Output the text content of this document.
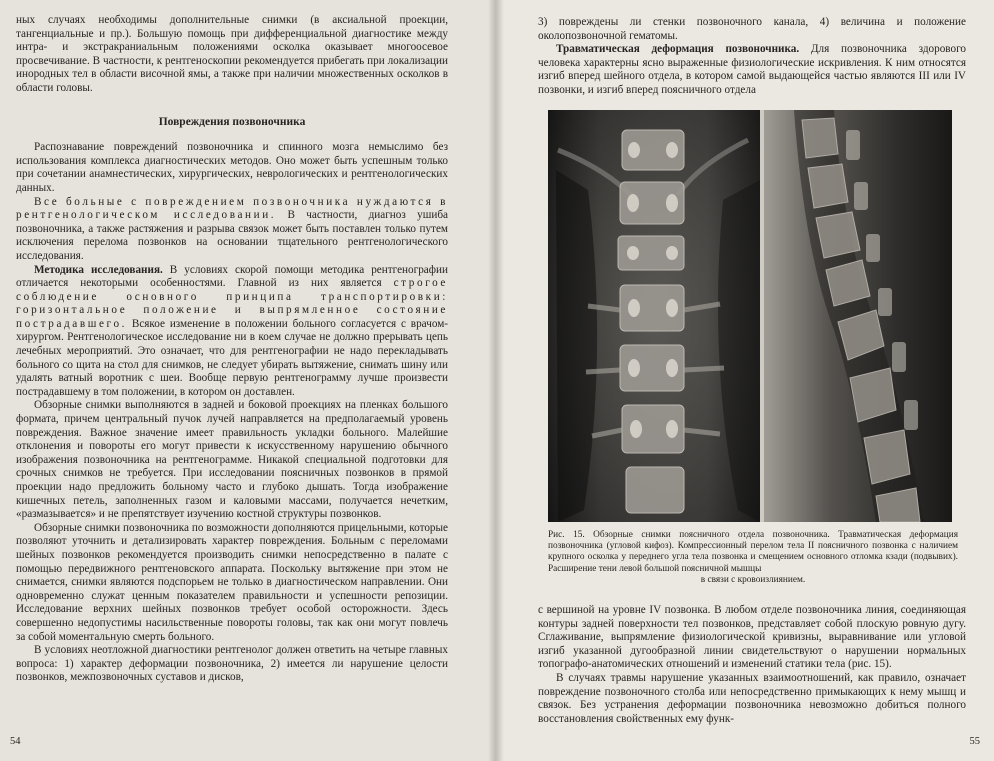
ных случаях необходимы дополнительные снимки (в аксиальной проекции, тангенциальные и пр.). Большую помощь при дифференциальной диагностике между интра- и экстракраниальным положениями осколка оказывает многоосевое просвечивание. В частности, к рентгеноскопии рекомендуется прибегать при локализации инородных тел в области височной ямы, а также при наличии множественных осколков в области головы.

Повреждения позвоночника

Распознавание повреждений позвоночника и спинного мозга немыслимо без использования комплекса диагностических методов. Оно может быть успешным только при сочетании анамнестических, хирургических, неврологических и рентгенологических данных.

Все больные с повреждением позвоночника нуждаются в рентгенологическом исследовании. В частности, диагноз ушиба позвоночника, а также растяжения и разрыва связок может быть поставлен только путем исключения перелома позвонков на основании тщательного рентгенологического исследования.

Методика исследования. В условиях скорой помощи методика рентгенографии отличается некоторыми особенностями. Главной из них является строгое соблюдение основного принципа транспортировки: горизонтальное положение и выпрямленное состояние пострадавшего. Всякое изменение в положении больного согласуется с врачом-хирургом. Рентгенологическое исследование ни в коем случае не должно прерывать цепь лечебных мероприятий. Это означает, что для рентгенографии не надо перекладывать больного со щита на стол для снимков, не следует убирать вытяжение, снимать шину или удалять ватный воротник с шеи. Вообще первую рентгенограмму лучше произвести пострадавшему в том положении, в котором он доставлен.

Обзорные снимки выполняются в задней и боковой проекциях на пленках большого формата, причем центральный пучок лучей направляется на предполагаемый уровень повреждения. Важное значение имеет правильность укладки больного. Малейшие отклонения и повороты его могут привести к искусственному нарушению обычного изображения позвоночника на рентгенограмме. Никакой специальной подготовки для срочных снимков не требуется. При исследовании поясничных позвонков в прямой проекции надо предложить больному часто и глубоко дышать. Тогда изображение кишечных петель, заполненных газом и каловыми массами, получается нечетким, «размазывается» и не препятствует изучению костной структуры позвонков.

Обзорные снимки позвоночника по возможности дополняются прицельными, которые позволяют уточнить и детализировать характер повреждения. Больным с переломами шейных позвонков рекомендуется производить снимки непосредственно в палате с помощью передвижного рентгеновского аппарата. Поскольку вытяжение при этом не снимается, снимки являются подспорьем не только в диагностическом направлении. Они одновременно служат ценным показателем правильности и успешности репозиции. Исследование верхних шейных позвонков требует особой осторожности. Здесь совершенно недопустимы насильственные повороты головы, так как они могут повлечь за собой моментальную смерть больного.

В условиях неотложной диагностики рентгенолог должен ответить на четыре главных вопроса: 1) характер деформации позвоночника, 2) имеется ли нарушение целости позвонков, межпозвоночных суставов и дисков,

54

3) повреждены ли стенки позвоночного канала, 4) величина и положение околопозвоночной гематомы.

Травматическая деформация позвоночника. Для позвоночника здорового человека характерны ясно выраженные физиологические искривления. К ним относятся изгиб вперед шейного отдела, в котором самой выдающейся частью являются III или IV позвонки, и изгиб вперед поясничного отдела

Рис. 15. Обзорные снимки поясничного отдела позвоночника. Травматическая деформация позвоночника (угловой кифоз). Компрессионный перелом тела II поясничного позвонка с наличием крупного осколка у переднего угла тела позвонка и смещением основного отломка кзади (подвывих). Расширение тени левой большой поясничной мышцы
в связи с кровоизлиянием.

с вершиной на уровне IV позвонка. В любом отделе позвоночника линия, соединяющая контуры задней поверхности тел позвонков, представляет собой плоскую ровную дугу. Сглаживание, выпрямление физиологической кривизны, выравнивание или угловой изгиб указанной дугообразной линии свидетельствуют о нарушении нормальных топографо-анатомических отношений и изменений статики тела (рис. 15).

В случаях травмы нарушение указанных взаимоотношений, как правило, означает повреждение позвоночного столба или непосредственно примыкающих к нему мышц и связок. Без устранения деформации позвоночника невозможно добиться полного восстановления свойственных ему функ-

55
